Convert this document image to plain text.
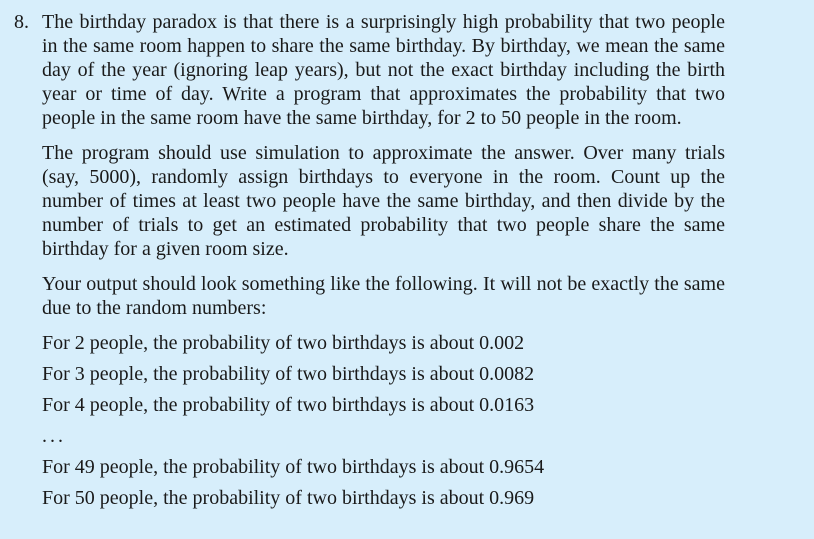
8. The birthday paradox is that there is a surprisingly high probability that two people in the same room happen to share the same birthday. By birthday, we mean the same day of the year (ignoring leap years), but not the exact birthday including the birth year or time of day. Write a program that approximates the probability that two people in the same room have the same birthday, for 2 to 50 people in the room.

The program should use simulation to approximate the answer. Over many trials (say, 5000), randomly assign birthdays to everyone in the room. Count up the number of times at least two people have the same birthday, and then divide by the number of trials to get an estimated probability that two people share the same birthday for a given room size.

Your output should look something like the following. It will not be exactly the same due to the random numbers:

For 2 people, the probability of two birthdays is about 0.002
For 3 people, the probability of two birthdays is about 0.0082
For 4 people, the probability of two birthdays is about 0.0163
...
For 49 people, the probability of two birthdays is about 0.9654
For 50 people, the probability of two birthdays is about 0.969
